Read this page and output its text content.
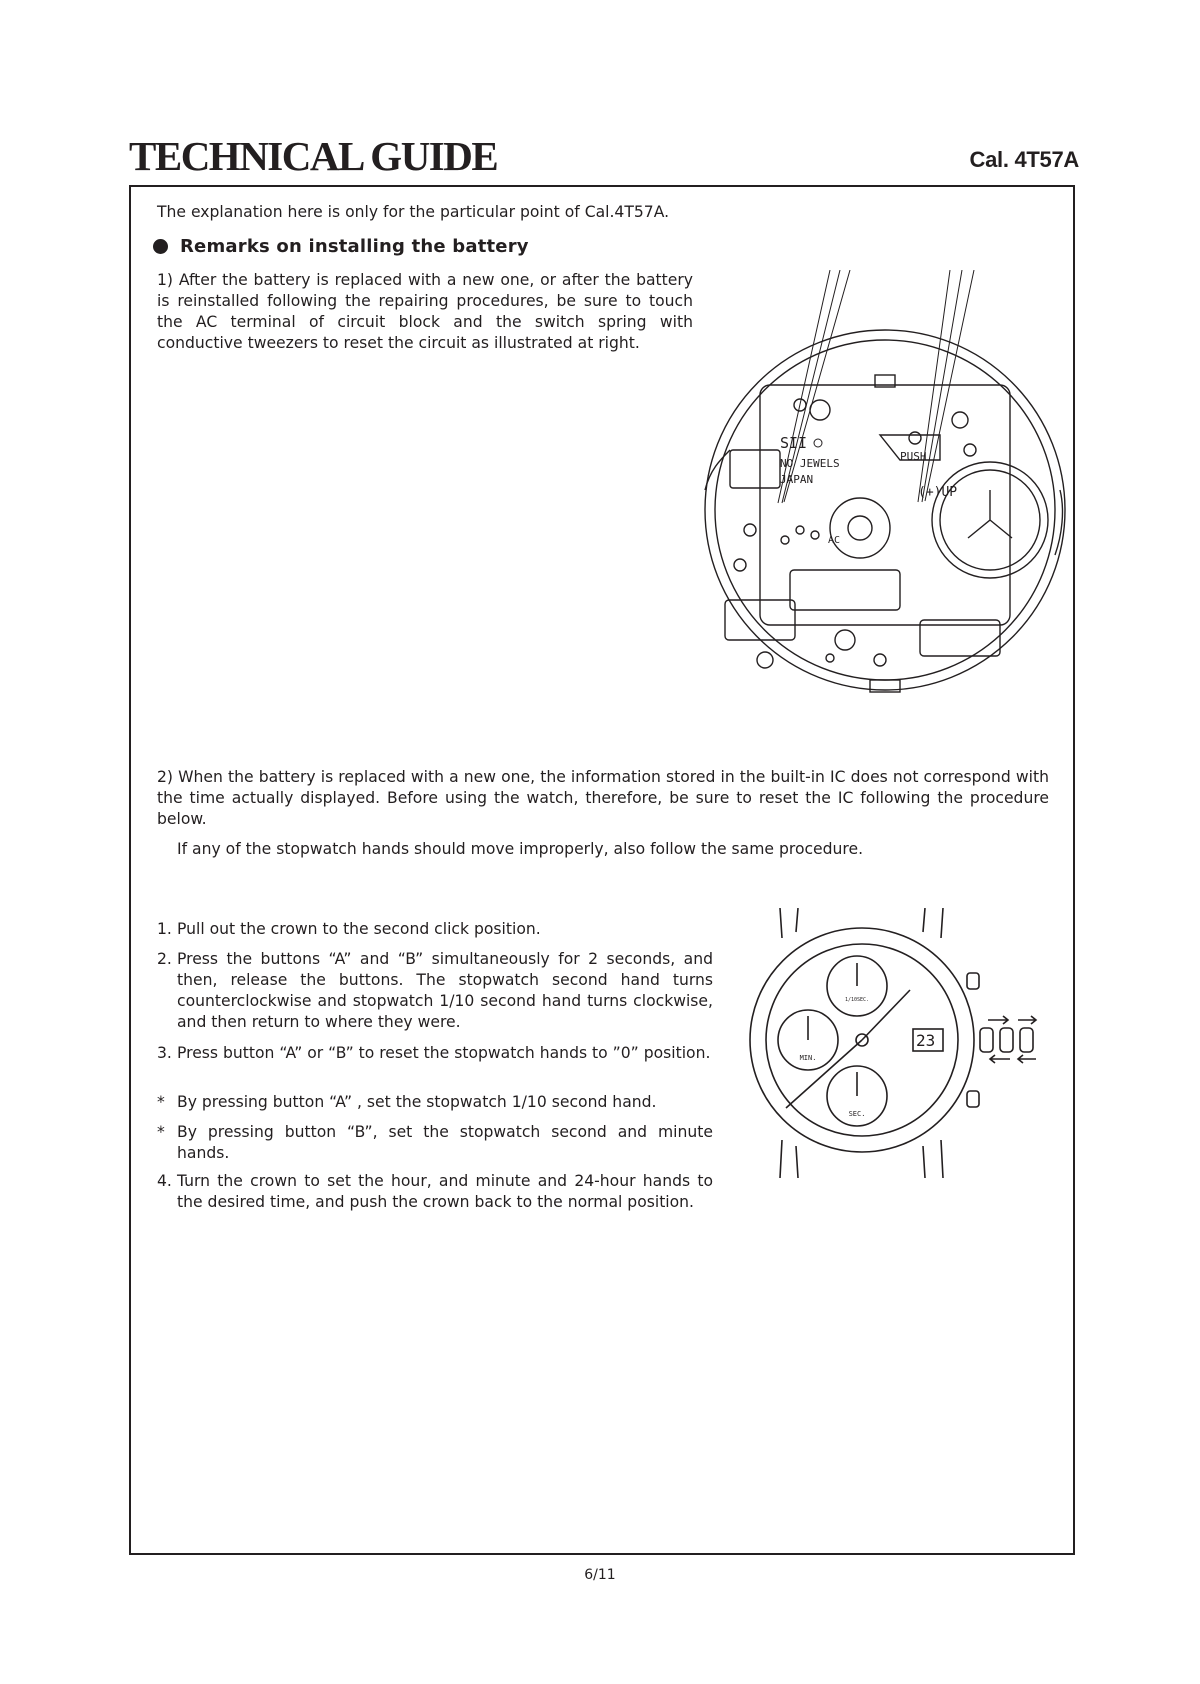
TECHNICAL GUIDE	Cal. 4T57A
The explanation here is only for the particular point of Cal.4T57A.
Remarks on installing the battery
1) After the battery is replaced with a new one, or after the battery is reinstalled following the repairing procedures, be sure to touch the AC terminal of circuit block and the switch spring with conductive tweezers to reset the circuit as illustrated at right.
SII
NO JEWELS
JAPAN
PUSH
(+)UP
AC
2) When the battery is replaced with a new one, the information stored in the built-in IC does not correspond with the time actually displayed. Before using the watch, therefore, be sure to reset the IC following the procedure below.
If any of the stopwatch hands should move improperly, also follow the same procedure.
1. Pull out the crown to the second click position.
2. Press the buttons “A” and “B” simultaneously for 2 seconds, and then, release the buttons. The stopwatch second hand turns counterclockwise and stopwatch 1/10 second hand turns clockwise, and then return to where they were.
3. Press button “A” or “B” to reset the stopwatch hands to ”0” position.
* By pressing button “A” , set the stopwatch 1/10 second hand.
* By pressing button “B”, set the stopwatch second and minute hands.
4. Turn the crown to set the hour, and minute and 24-hour hands to the desired time, and push the crown back to the normal position.
23
MIN.
SEC.
1/10SEC.
6/11
